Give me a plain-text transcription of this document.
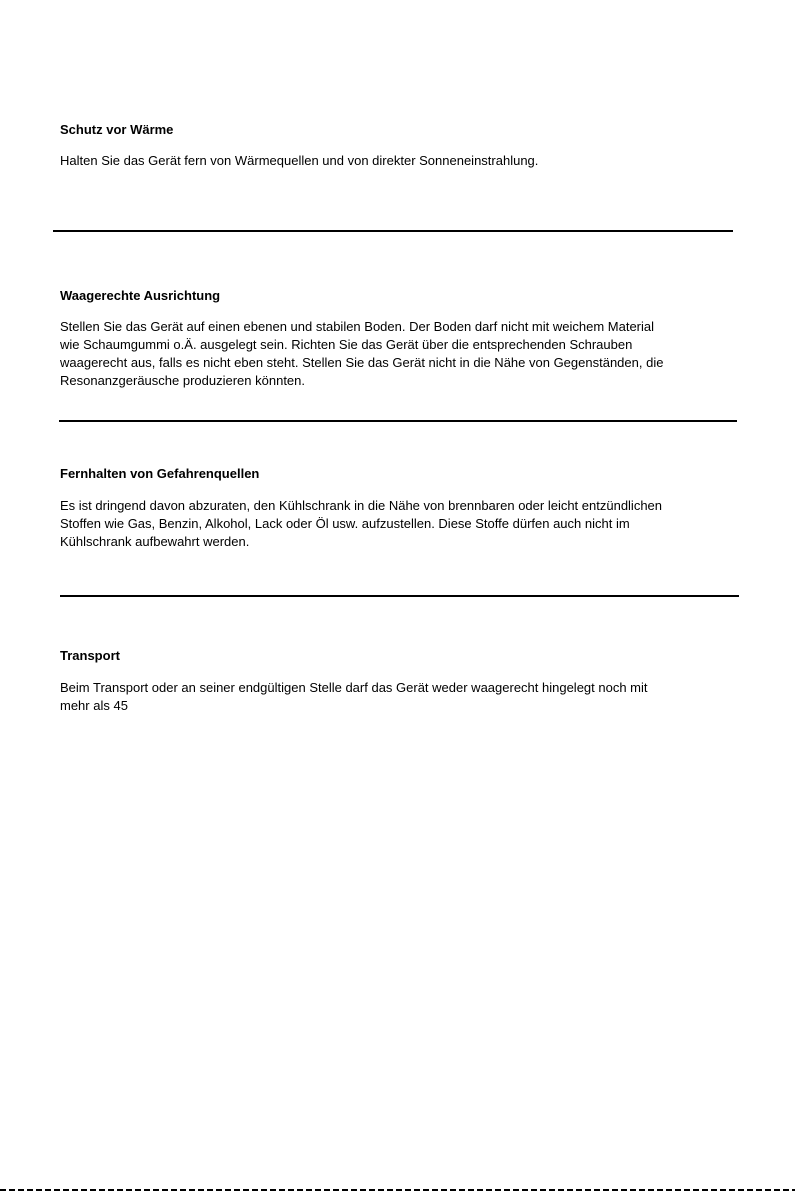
Schutz vor Wärme
Halten Sie das Gerät fern von Wärmequellen und von direkter Sonneneinstrahlung.
Waagerechte Ausrichtung
Stellen Sie das Gerät auf einen ebenen und stabilen Boden. Der Boden darf nicht mit weichem Material
wie Schaumgummi o.Ä. ausgelegt sein. Richten Sie das Gerät über die entsprechenden Schrauben
waagerecht aus, falls es nicht eben steht. Stellen Sie das Gerät nicht in die Nähe von Gegenständen, die
Resonanzgeräusche produzieren könnten.
Fernhalten von Gefahrenquellen
Es ist dringend davon abzuraten, den Kühlschrank in die Nähe von brennbaren oder leicht entzündlichen
Stoffen wie Gas, Benzin, Alkohol, Lack oder Öl usw. aufzustellen. Diese Stoffe dürfen auch nicht im
Kühlschrank aufbewahrt werden.
Transport
Beim Transport oder an seiner endgültigen Stelle darf das Gerät weder waagerecht hingelegt noch mit
mehr als 45
